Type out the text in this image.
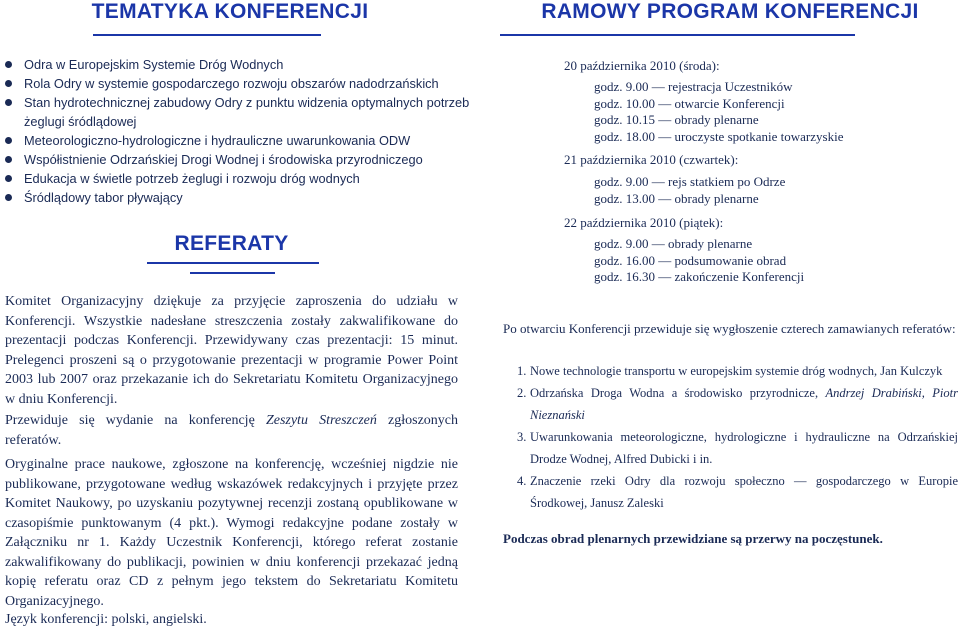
TEMATYKA KONFERENCJI
Odra w Europejskim Systemie Dróg Wodnych
Rola Odry w systemie gospodarczego rozwoju obszarów nadodrzańskich
Stan hydrotechnicznej zabudowy Odry z punktu widzenia optymalnych potrzeb żeglugi śródlądowej
Meteorologiczno-hydrologiczne i hydrauliczne uwarunkowania ODW
Współistnienie Odrzańskiej Drogi Wodnej i środowiska przyrodniczego
Edukacja w świetle potrzeb żeglugi i rozwoju dróg wodnych
Śródlądowy tabor pływający
REFERATY

Komitet Organizacyjny dziękuje za przyjęcie zaproszenia do udziału w Konferencji. Wszystkie nadesłane streszczenia zostały zakwalifikowane do prezentacji podczas Konferencji. Przewidywany czas prezentacji: 15 minut. Prelegenci proszeni są o przygotowanie prezentacji w programie Power Point 2003 lub 2007 oraz przekazanie ich do Sekretariatu Komitetu Organizacyjnego w dniu Konferencji.

Przewiduje się wydanie na konferencję Zeszytu Streszczeń zgłoszonych referatów.

Oryginalne prace naukowe, zgłoszone na konferencję, wcześniej nigdzie nie publikowane, przygotowane według wskazówek redakcyjnych i przyjęte przez Komitet Naukowy, po uzyskaniu pozytywnej recenzji zostaną opublikowane w czasopiśmie punktowanym (4 pkt.). Wymogi redakcyjne podane zostały w Załączniku nr 1. Każdy Uczestnik Konferencji, którego referat zostanie zakwalifikowany do publikacji, powinien w dniu konferencji przekazać jedną kopię referatu oraz CD z pełnym jego tekstem do Sekretariatu Komitetu Organizacyjnego.

Język konferencji: polski, angielski.

RAMOWY PROGRAM KONFERENCJI

20 października 2010 (środa):

godz. 9.00 — rejestracja Uczestników
godz. 10.00 — otwarcie Konferencji
godz. 10.15 — obrady plenarne
godz. 18.00 — uroczyste spotkanie towarzyskie

21 października 2010 (czwartek):

godz. 9.00 — rejs statkiem po Odrze
godz. 13.00 — obrady plenarne

22 października 2010 (piątek):

godz. 9.00 — obrady plenarne
godz. 16.00 — podsumowanie obrad
godz. 16.30 — zakończenie Konferencji

Po otwarciu Konferencji przewiduje się wygłoszenie czterech zamawianych referatów:

1. Nowe technologie transportu w europejskim systemie dróg wodnych, Jan Kulczyk
2. Odrzańska Droga Wodna a środowisko przyrodnicze, Andrzej Drabiński, Piotr Nieznański
3. Uwarunkowania meteorologiczne, hydrologiczne i hydrauliczne na Odrzańskiej Drodze Wodnej, Alfred Dubicki i in.
4. Znaczenie rzeki Odry dla rozwoju społeczno — gospodarczego w Europie Środkowej, Janusz Zaleski

Podczas obrad plenarnych przewidziane są przerwy na poczęstunek.
